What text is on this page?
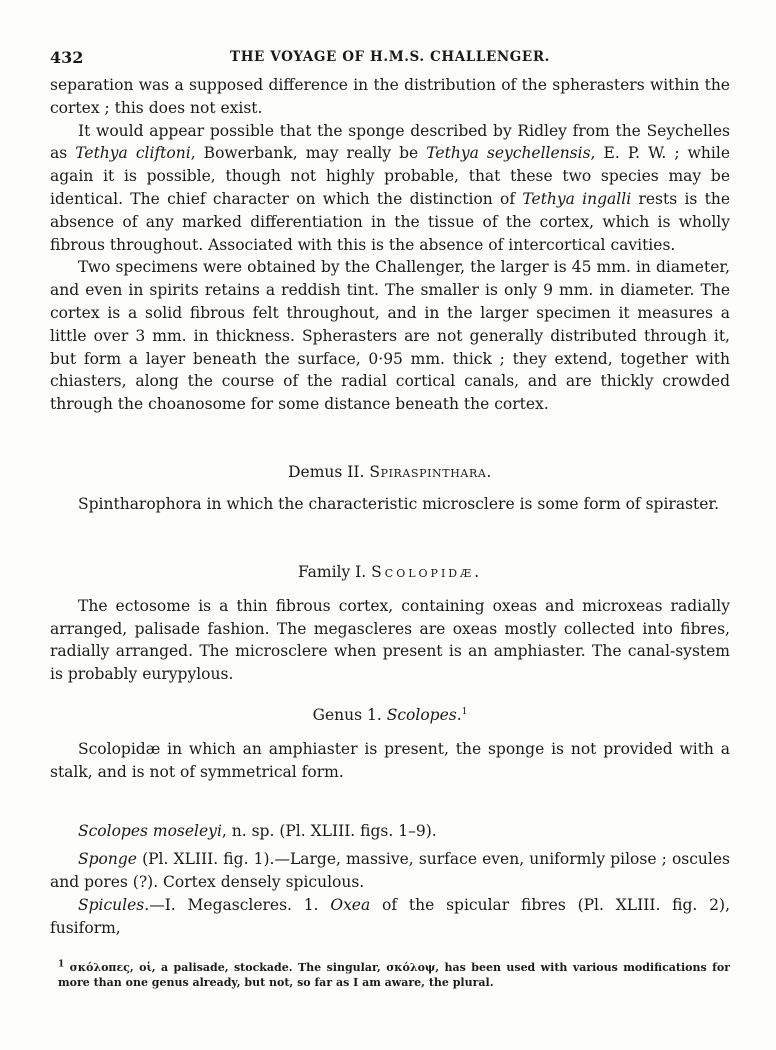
432	THE VOYAGE OF H.M.S. CHALLENGER.

separation was a supposed difference in the distribution of the spherasters within the cortex ; this does not exist.

It would appear possible that the sponge described by Ridley from the Seychelles as Tethya cliftoni, Bowerbank, may really be Tethya seychellensis, E. P. W. ; while again it is possible, though not highly probable, that these two species may be identical. The chief character on which the distinction of Tethya ingalli rests is the absence of any marked differentiation in the tissue of the cortex, which is wholly fibrous throughout. Associated with this is the absence of intercortical cavities.

Two specimens were obtained by the Challenger, the larger is 45 mm. in diameter, and even in spirits retains a reddish tint. The smaller is only 9 mm. in diameter. The cortex is a solid fibrous felt throughout, and in the larger specimen it measures a little over 3 mm. in thickness. Spherasters are not generally distributed through it, but form a layer beneath the surface, 0·95 mm. thick ; they extend, together with chiasters, along the course of the radial cortical canals, and are thickly crowded through the choanosome for some distance beneath the cortex.

Demus II. Spiraspinthara.

Spintharophora in which the characteristic microsclere is some form of spiraster.

Family I. Scolopidæ.

The ectosome is a thin fibrous cortex, containing oxeas and microxeas radially arranged, palisade fashion. The megascleres are oxeas mostly collected into fibres, radially arranged. The microsclere when present is an amphiaster. The canal-system is probably eurypylous.

Genus 1. Scolopes.$^1$

Scolopidæ in which an amphiaster is present, the sponge is not provided with a stalk, and is not of symmetrical form.

Scolopes moseleyi, n. sp. (Pl. XLIII. figs. 1–9).

Sponge (Pl. XLIII. fig. 1).—Large, massive, surface even, uniformly pilose ; oscules and pores (?). Cortex densely spiculous.

Spicules.—I. Megascleres. 1. Oxea of the spicular fibres (Pl. XLIII. fig. 2), fusiform,

$^1$ σκόλοπες, οἱ, a palisade, stockade. The singular, σκόλοψ, has been used with various modifications for more than one genus already, but not, so far as I am aware, the plural.
